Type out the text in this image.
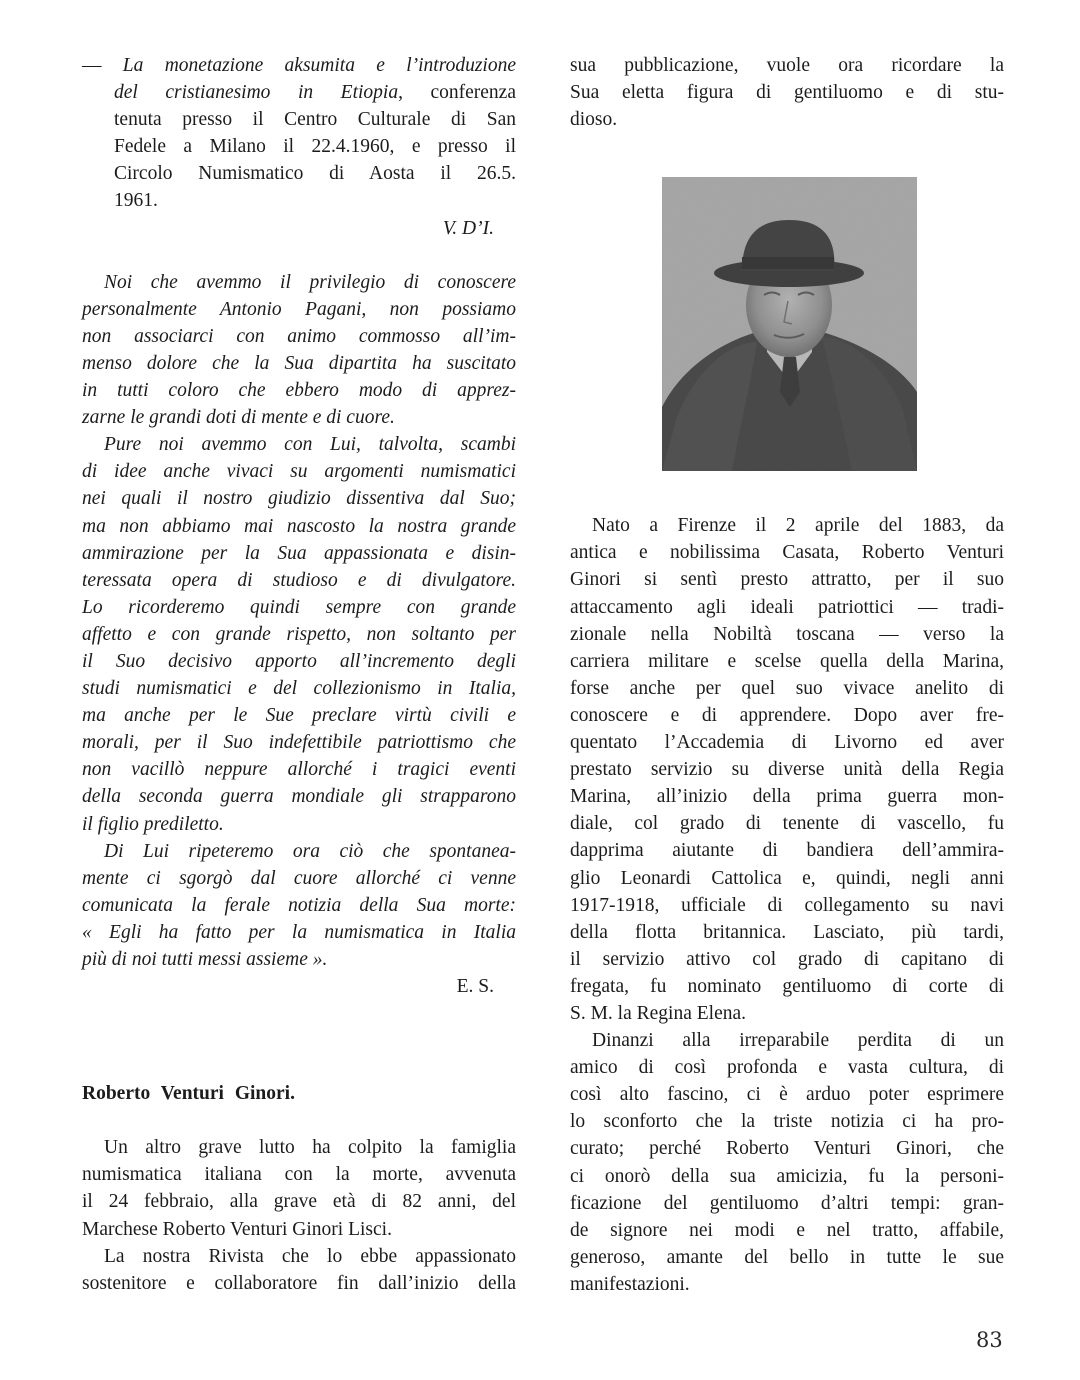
— La monetazione aksumita e l’introduzione
del cristianesimo in Etiopia, conferenza
tenuta presso il Centro Culturale di San
Fedele a Milano il 22.4.1960, e presso il
Circolo Numismatico di Aosta il 26.5.
1961.
V. D’I.
Noi che avemmo il privilegio di conoscere
personalmente Antonio Pagani, non possiamo
non associarci con animo commosso all’im-
menso dolore che la Sua dipartita ha suscitato
in tutti coloro che ebbero modo di apprez-
zarne le grandi doti di mente e di cuore.
Pure noi avemmo con Lui, talvolta, scambi
di idee anche vivaci su argomenti numismatici
nei quali il nostro giudizio dissentiva dal Suo;
ma non abbiamo mai nascosto la nostra grande
ammirazione per la Sua appassionata e disin-
teressata opera di studioso e di divulgatore.
Lo ricorderemo quindi sempre con grande
affetto e con grande rispetto, non soltanto per
il Suo decisivo apporto all’incremento degli
studi numismatici e del collezionismo in Italia,
ma anche per le Sue preclare virtù civili e
morali, per il Suo indefettibile patriottismo che
non vacillò neppure allorché i tragici eventi
della seconda guerra mondiale gli strapparono
il figlio prediletto.
Di Lui ripeteremo ora ciò che spontanea-
mente ci sgorgò dal cuore allorché ci venne
comunicata la ferale notizia della Sua morte:
« Egli ha fatto per la numismatica in Italia
più di noi tutti messi assieme ».
E. S.
Roberto Venturi Ginori.
Un altro grave lutto ha colpito la famiglia
numismatica italiana con la morte, avvenuta
il 24 febbraio, alla grave età di 82 anni, del
Marchese Roberto Venturi Ginori Lisci.
La nostra Rivista che lo ebbe appassionato
sostenitore e collaboratore fin dall’inizio della
sua pubblicazione, vuole ora ricordare la
Sua eletta figura di gentiluomo e di stu-
dioso.
Nato a Firenze il 2 aprile del 1883, da
antica e nobilissima Casata, Roberto Venturi
Ginori si sentì presto attratto, per il suo
attaccamento agli ideali patriottici — tradi-
zionale nella Nobiltà toscana — verso la
carriera militare e scelse quella della Marina,
forse anche per quel suo vivace anelito di
conoscere e di apprendere. Dopo aver fre-
quentato l’Accademia di Livorno ed aver
prestato servizio su diverse unità della Regia
Marina, all’inizio della prima guerra mon-
diale, col grado di tenente di vascello, fu
dapprima aiutante di bandiera dell’ammira-
glio Leonardi Cattolica e, quindi, negli anni
1917-1918, ufficiale di collegamento su navi
della flotta britannica. Lasciato, più tardi,
il servizio attivo col grado di capitano di
fregata, fu nominato gentiluomo di corte di
S. M. la Regina Elena.
Dinanzi alla irreparabile perdita di un
amico di così profonda e vasta cultura, di
così alto fascino, ci è arduo poter esprimere
lo sconforto che la triste notizia ci ha pro-
curato; perché Roberto Venturi Ginori, che
ci onorò della sua amicizia, fu la personi-
ficazione del gentiluomo d’altri tempi: gran-
de signore nei modi e nel tratto, affabile,
generoso, amante del bello in tutte le sue
manifestazioni.
83
